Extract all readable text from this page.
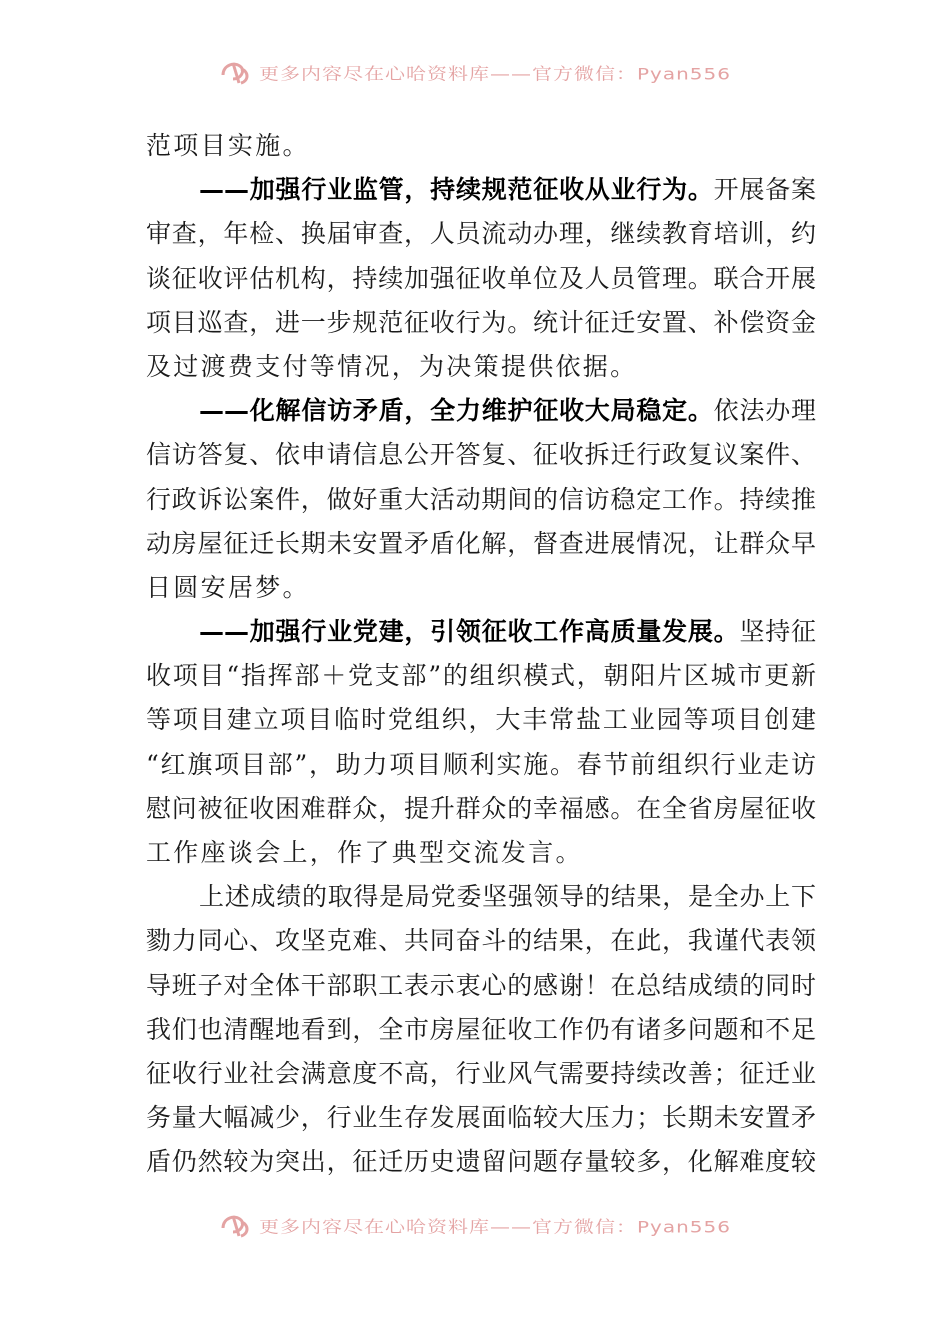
更多内容尽在心哈资料库——官方微信：Pyan556
范项目实施。
——加强行业监管，持续规范征收从业行为。开展备案
审查，年检、换届审查，人员流动办理，继续教育培训，约
谈征收评估机构，持续加强征收单位及人员管理。联合开展
项目巡查，进一步规范征收行为。统计征迁安置、补偿资金
及过渡费支付等情况，为决策提供依据。
——化解信访矛盾，全力维护征收大局稳定。依法办理
信访答复、依申请信息公开答复、征收拆迁行政复议案件、
行政诉讼案件，做好重大活动期间的信访稳定工作。持续推
动房屋征迁长期未安置矛盾化解，督查进展情况，让群众早
日圆安居梦。
——加强行业党建，引领征收工作高质量发展。坚持征
收项目“指挥部＋党支部”的组织模式，朝阳片区城市更新
等项目建立项目临时党组织，大丰常盐工业园等项目创建
“红旗项目部”，助力项目顺利实施。春节前组织行业走访
慰问被征收困难群众，提升群众的幸福感。在全省房屋征收
工作座谈会上，作了典型交流发言。
上述成绩的取得是局党委坚强领导的结果，是全办上下
勠力同心、攻坚克难、共同奋斗的结果，在此，我谨代表领
导班子对全体干部职工表示衷心的感谢！在总结成绩的同时
我们也清醒地看到，全市房屋征收工作仍有诸多问题和不足
征收行业社会满意度不高，行业风气需要持续改善；征迁业
务量大幅减少，行业生存发展面临较大压力；长期未安置矛
盾仍然较为突出，征迁历史遗留问题存量较多，化解难度较
更多内容尽在心哈资料库——官方微信：Pyan556
